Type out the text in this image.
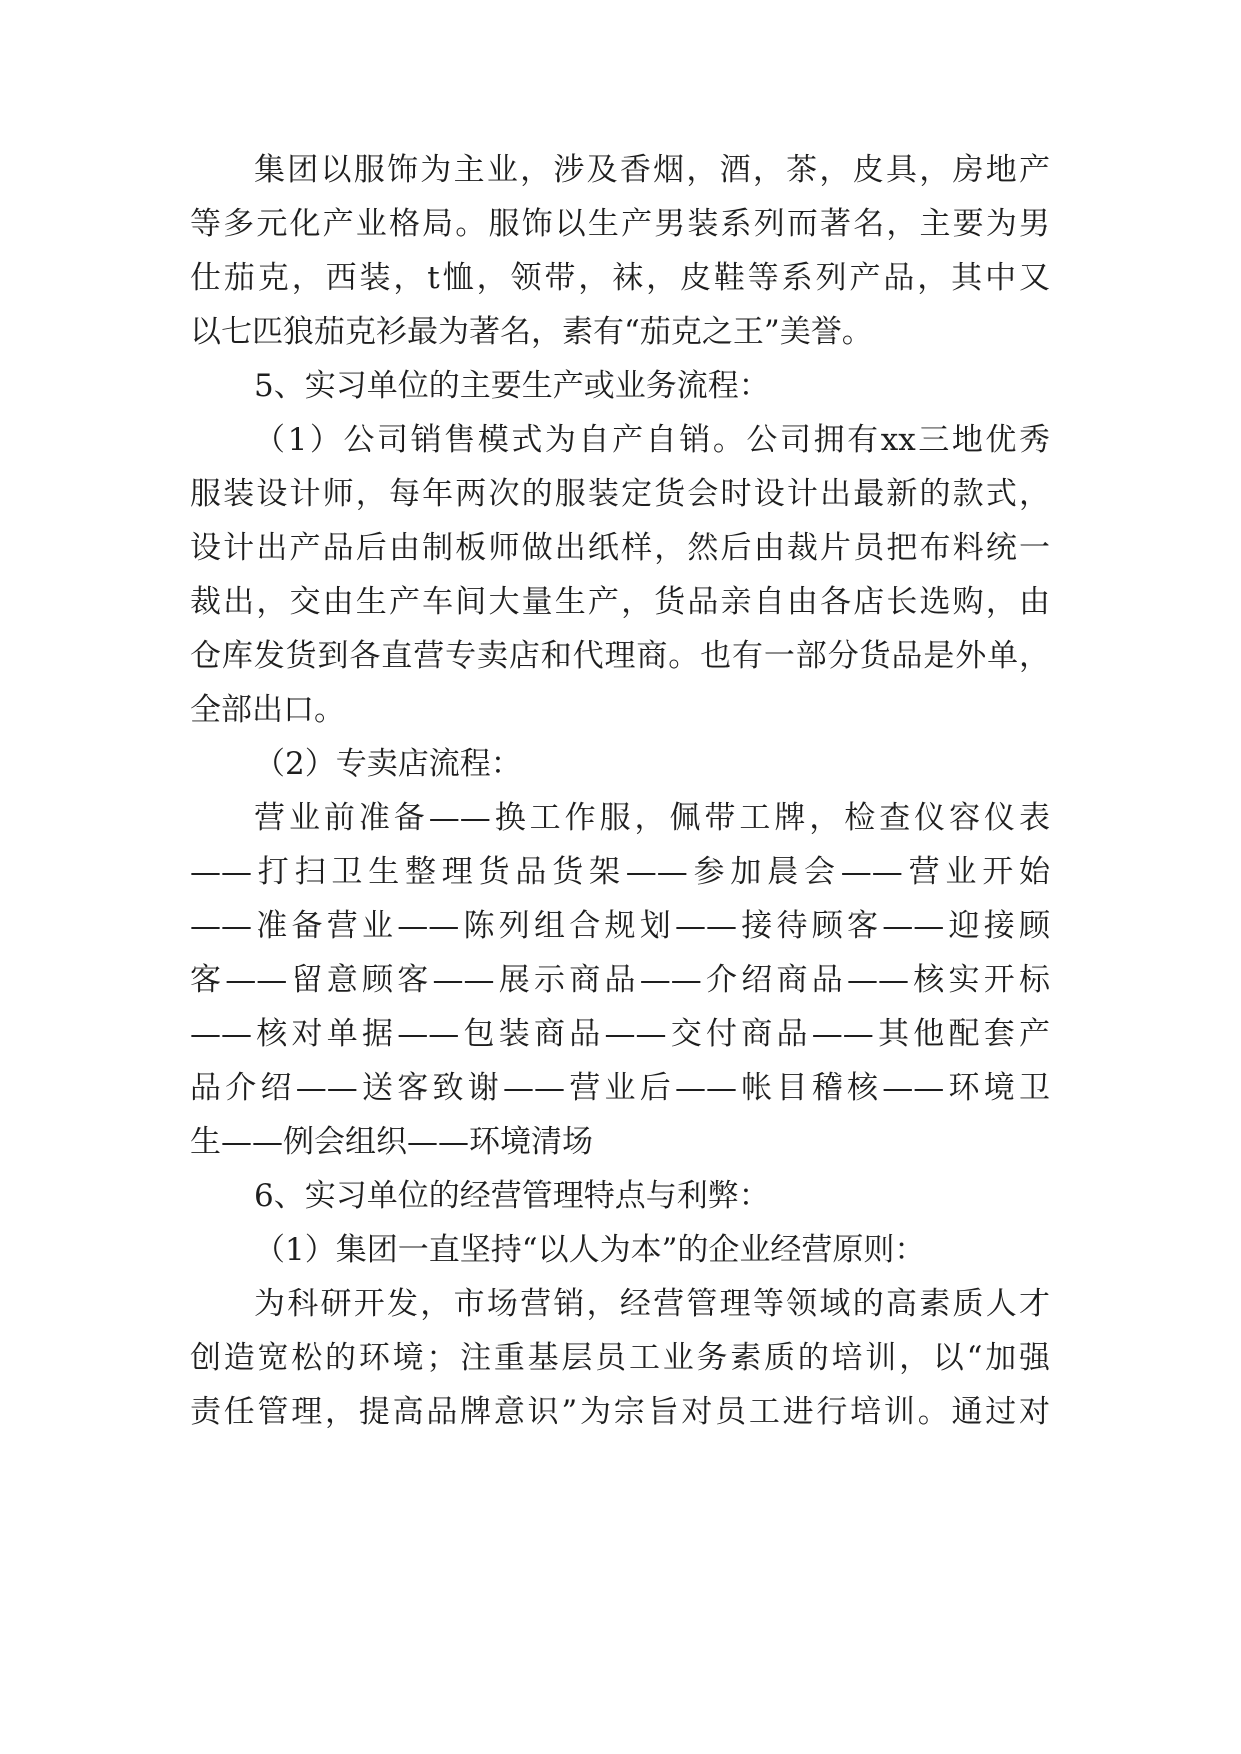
集团以服饰为主业，涉及香烟，酒，茶，皮具，房地产
等多元化产业格局。服饰以生产男装系列而著名，主要为男
仕茄克，西装，t恤，领带，袜，皮鞋等系列产品，其中又
以七匹狼茄克衫最为著名，素有“茄克之王”美誉。
5、实习单位的主要生产或业务流程：
（1）公司销售模式为自产自销。公司拥有xx三地优秀
服装设计师，每年两次的服装定货会时设计出最新的款式，
设计出产品后由制板师做出纸样，然后由裁片员把布料统一
裁出，交由生产车间大量生产，货品亲自由各店长选购，由
仓库发货到各直营专卖店和代理商。也有一部分货品是外单，
全部出口。
（2）专卖店流程：
营业前准备——换工作服，佩带工牌，检查仪容仪表
——打扫卫生整理货品货架——参加晨会——营业开始
——准备营业——陈列组合规划——接待顾客——迎接顾
客——留意顾客——展示商品——介绍商品——核实开标
——核对单据——包装商品——交付商品——其他配套产
品介绍——送客致谢——营业后——帐目稽核——环境卫
生——例会组织——环境清场
6、实习单位的经营管理特点与利弊：
（1）集团一直坚持“以人为本”的企业经营原则：
为科研开发，市场营销，经营管理等领域的高素质人才
创造宽松的环境；注重基层员工业务素质的培训，以“加强
责任管理，提高品牌意识”为宗旨对员工进行培训。通过对
